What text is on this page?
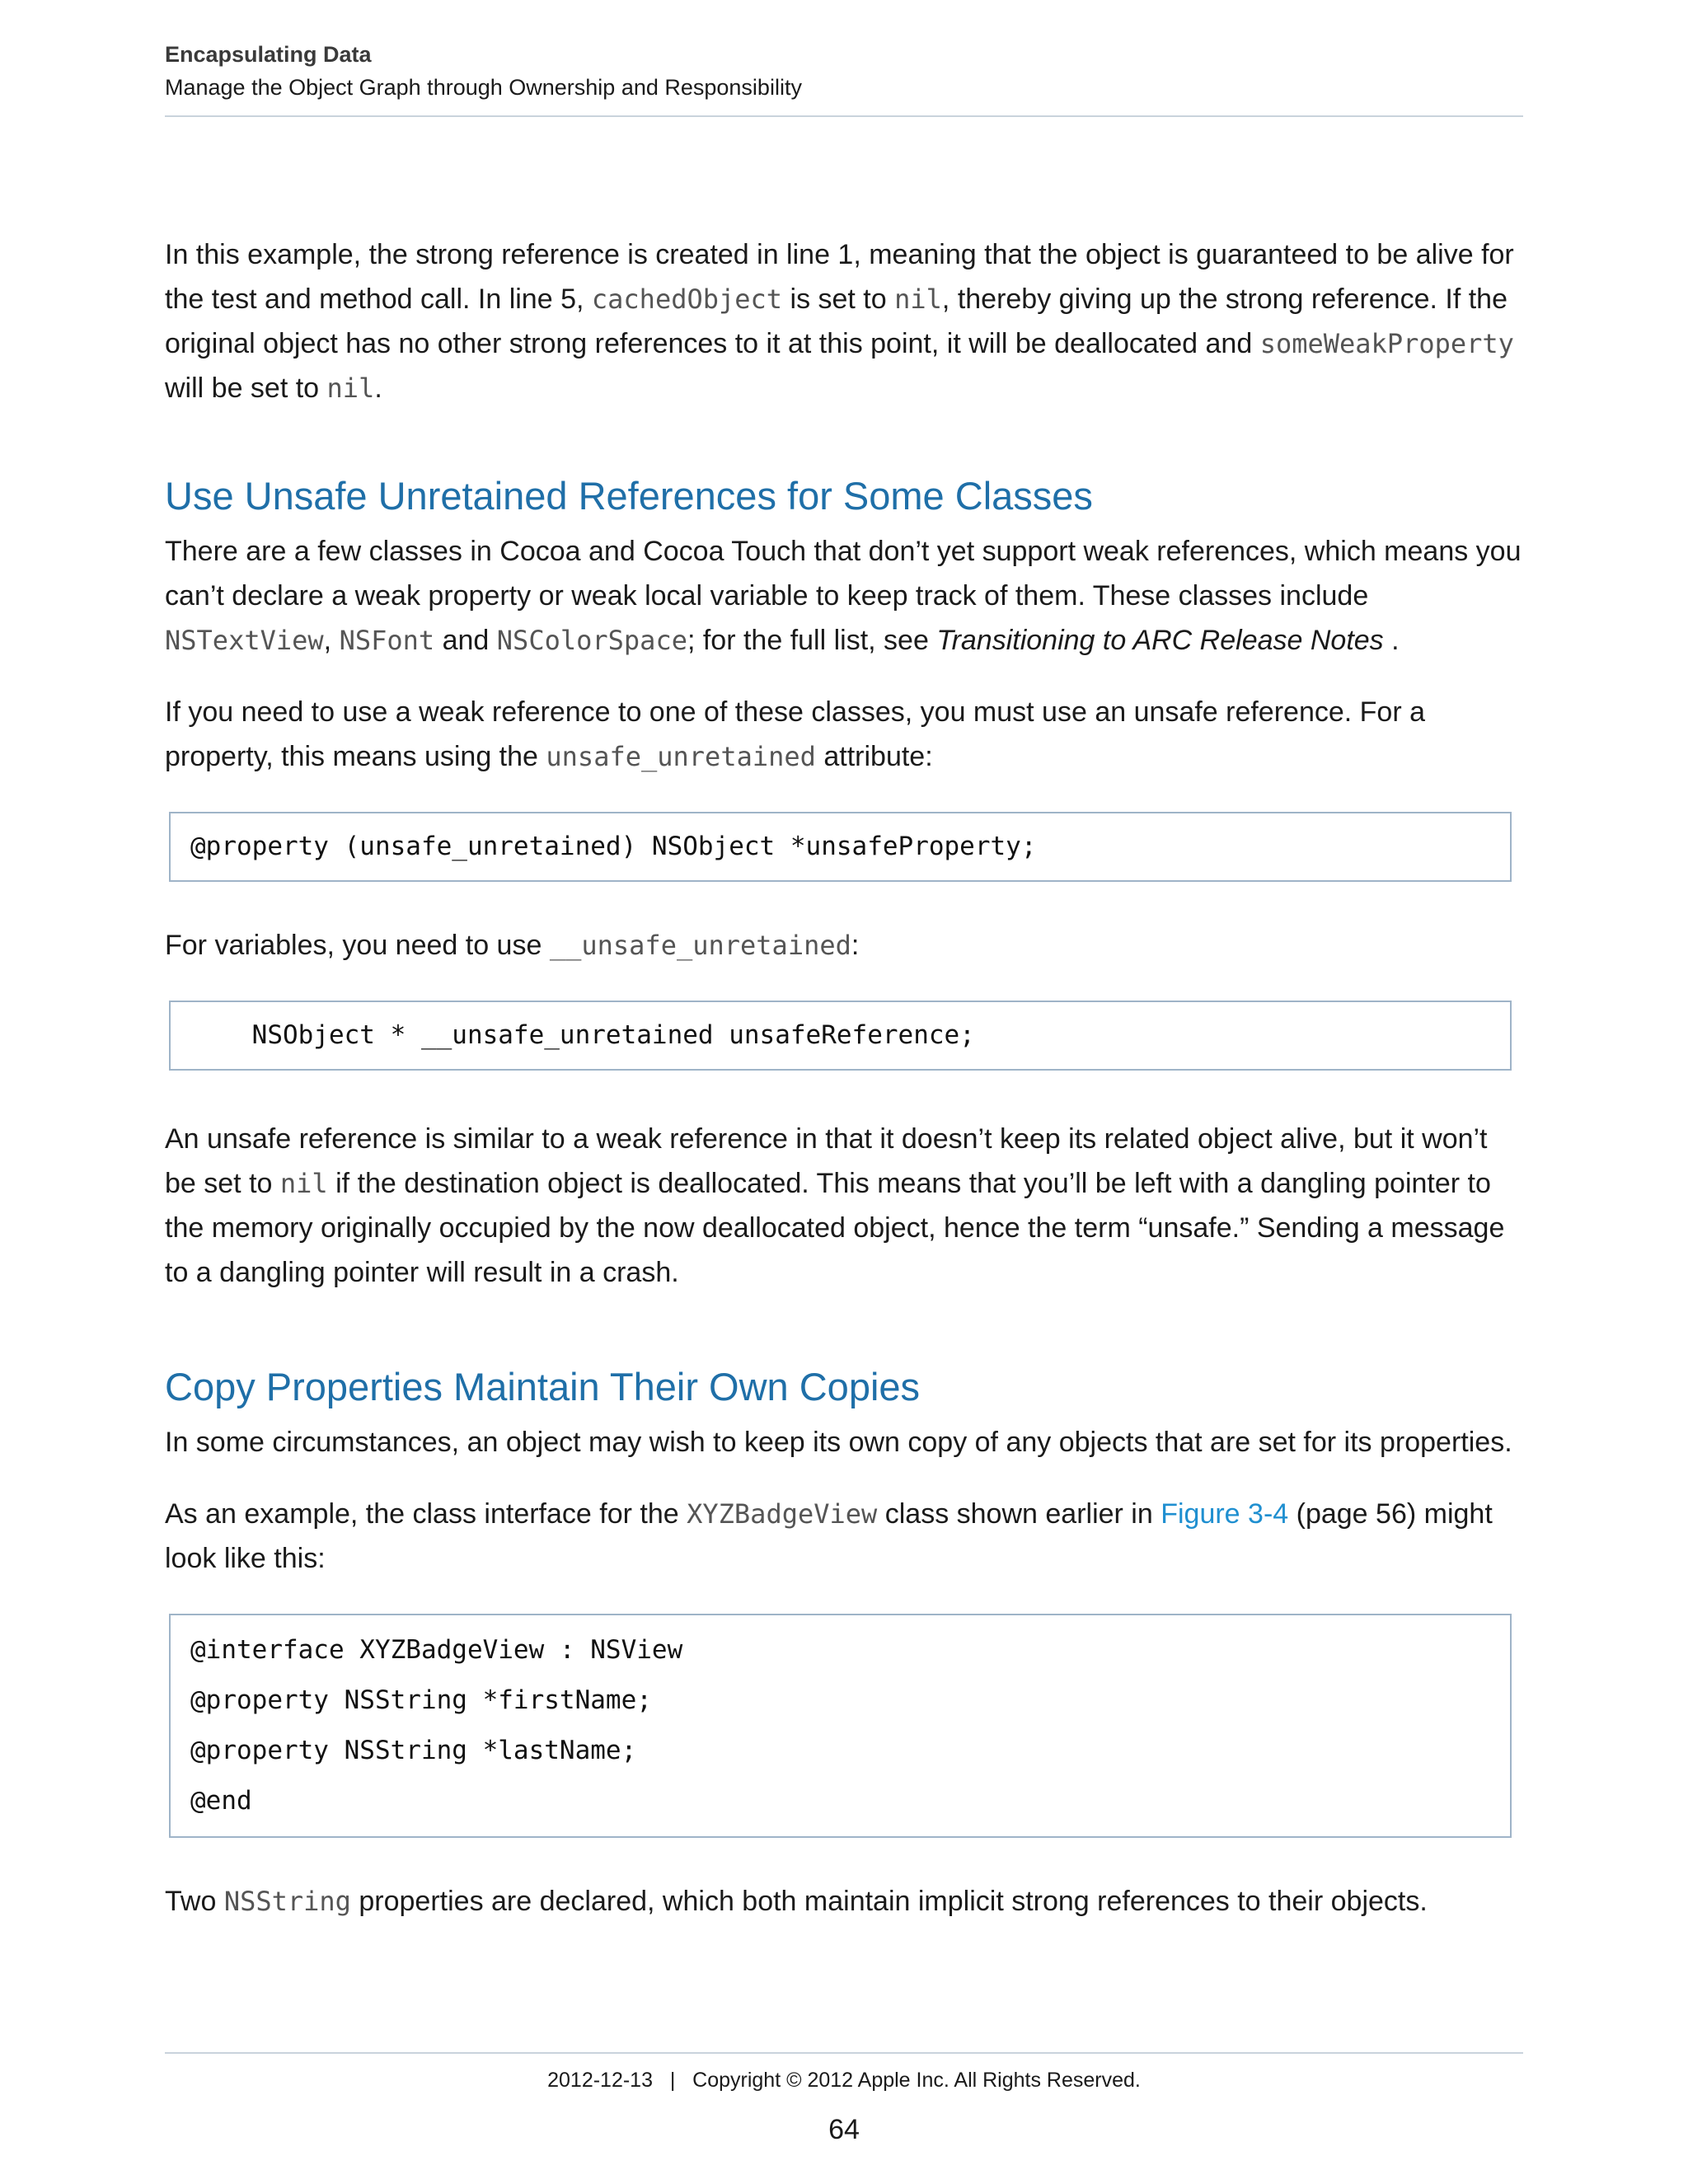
Encapsulating Data
Manage the Object Graph through Ownership and Responsibility

In this example, the strong reference is created in line 1, meaning that the object is guaranteed to be alive for the test and method call. In line 5, cachedObject is set to nil, thereby giving up the strong reference. If the original object has no other strong references to it at this point, it will be deallocated and someWeakProperty will be set to nil.

Use Unsafe Unretained References for Some Classes

There are a few classes in Cocoa and Cocoa Touch that don’t yet support weak references, which means you can’t declare a weak property or weak local variable to keep track of them. These classes include NSTextView, NSFont and NSColorSpace; for the full list, see Transitioning to ARC Release Notes .

If you need to use a weak reference to one of these classes, you must use an unsafe reference. For a property, this means using the unsafe_unretained attribute:

@property (unsafe_unretained) NSObject *unsafeProperty;

For variables, you need to use __unsafe_unretained:

NSObject * __unsafe_unretained unsafeReference;

An unsafe reference is similar to a weak reference in that it doesn’t keep its related object alive, but it won’t be set to nil if the destination object is deallocated. This means that you’ll be left with a dangling pointer to the memory originally occupied by the now deallocated object, hence the term “unsafe.” Sending a message to a dangling pointer will result in a crash.

Copy Properties Maintain Their Own Copies

In some circumstances, an object may wish to keep its own copy of any objects that are set for its properties.

As an example, the class interface for the XYZBadgeView class shown earlier in Figure 3-4 (page 56) might look like this:

@interface XYZBadgeView : NSView
@property NSString *firstName;
@property NSString *lastName;
@end

Two NSString properties are declared, which both maintain implicit strong references to their objects.

2012-12-13   |   Copyright © 2012 Apple Inc. All Rights Reserved.
64
